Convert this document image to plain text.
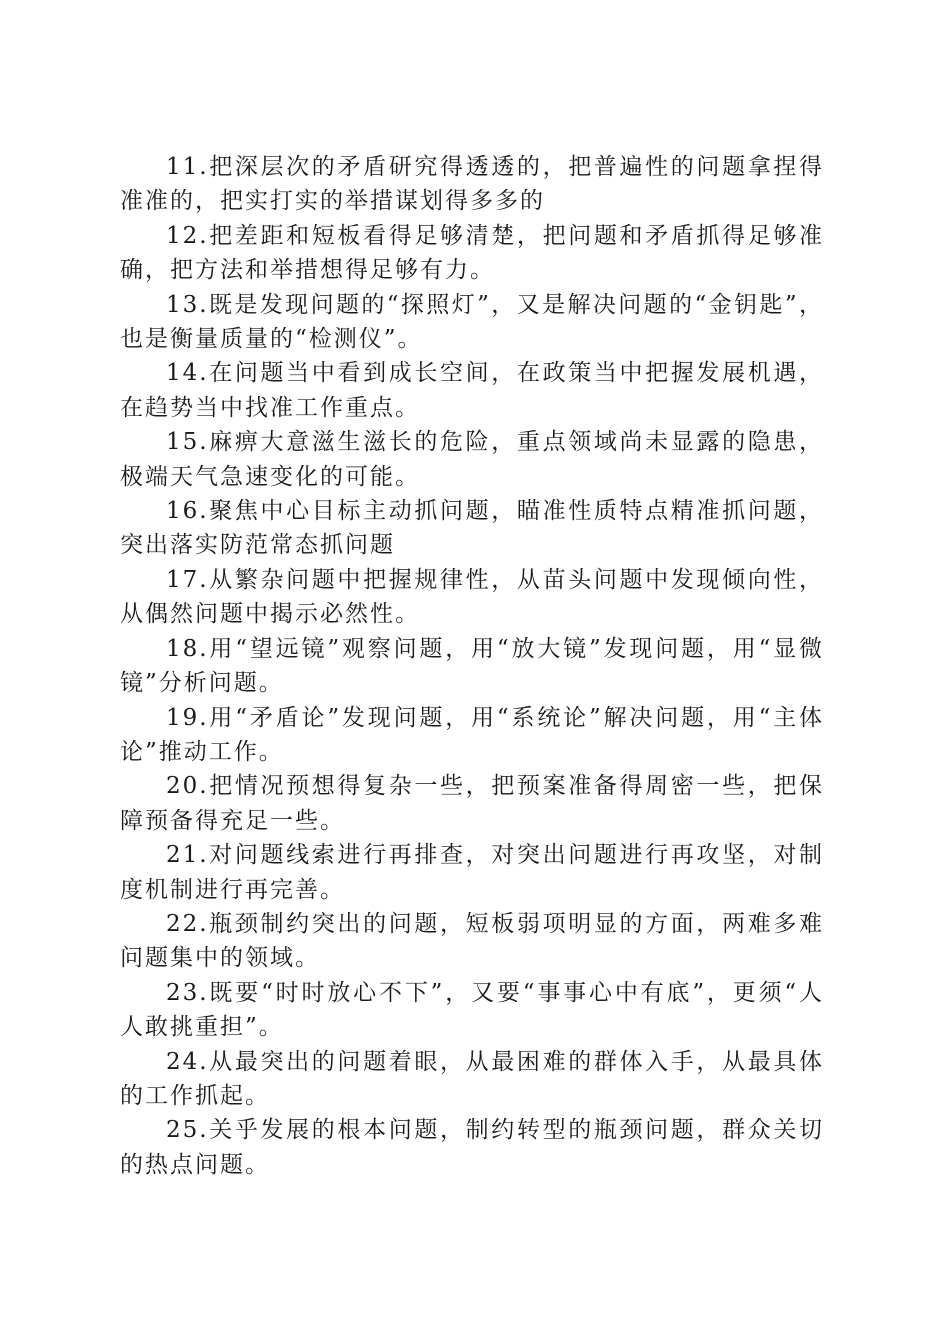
11.把深层次的矛盾研究得透透的，把普遍性的问题拿捏得准准的，把实打实的举措谋划得多多的

12.把差距和短板看得足够清楚，把问题和矛盾抓得足够准确，把方法和举措想得足够有力。

13.既是发现问题的“探照灯”，又是解决问题的“金钥匙”，也是衡量质量的“检测仪”。

14.在问题当中看到成长空间，在政策当中把握发展机遇，在趋势当中找准工作重点。

15.麻痹大意滋生滋长的危险，重点领域尚未显露的隐患，极端天气急速变化的可能。

16.聚焦中心目标主动抓问题，瞄准性质特点精准抓问题，突出落实防范常态抓问题

17.从繁杂问题中把握规律性，从苗头问题中发现倾向性，从偶然问题中揭示必然性。

18.用“望远镜”观察问题，用“放大镜”发现问题，用“显微镜”分析问题。

19.用“矛盾论”发现问题，用“系统论”解决问题，用“主体论”推动工作。

20.把情况预想得复杂一些，把预案准备得周密一些，把保障预备得充足一些。

21.对问题线索进行再排查，对突出问题进行再攻坚，对制度机制进行再完善。

22.瓶颈制约突出的问题，短板弱项明显的方面，两难多难问题集中的领域。

23.既要“时时放心不下”，又要“事事心中有底”，更须“人人敢挑重担”。

24.从最突出的问题着眼，从最困难的群体入手，从最具体的工作抓起。

25.关乎发展的根本问题，制约转型的瓶颈问题，群众关切的热点问题。
